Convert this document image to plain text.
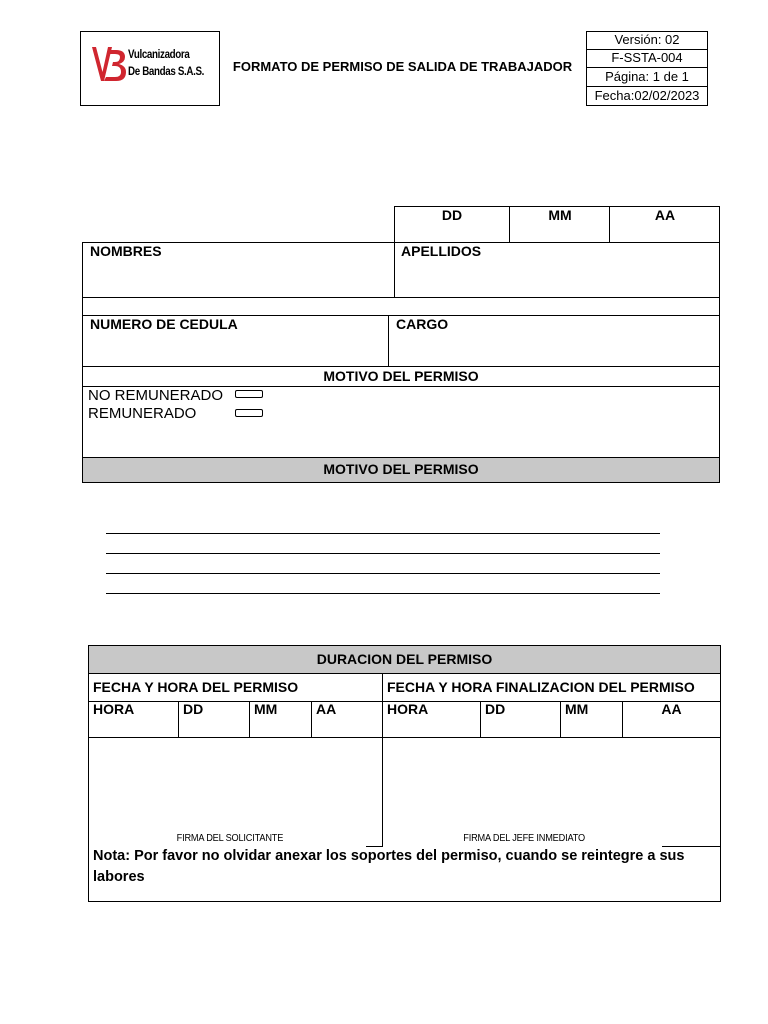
Vulcanizadora
De Bandas S.A.S.	FORMATO DE PERMISO DE SALIDA DE TRABAJADOR
Versión: 02
F-SSTA-004
Página: 1 de 1
Fecha:02/02/2023
DD	MM	AA
NOMBRES	APELLIDOS
NUMERO DE CEDULA	CARGO
MOTIVO DEL PERMISO
NO REMUNERADO
REMUNERADO
MOTIVO DEL PERMISO
DURACION DEL PERMISO
FECHA Y HORA DEL PERMISO	FECHA Y HORA FINALIZACION DEL PERMISO
HORA	DD	MM	AA	HORA	DD	MM	AA
FIRMA DEL SOLICITANTE	FIRMA DEL JEFE INMEDIATO
Nota: Por favor no olvidar anexar los soportes del permiso, cuando se reintegre a sus labores
